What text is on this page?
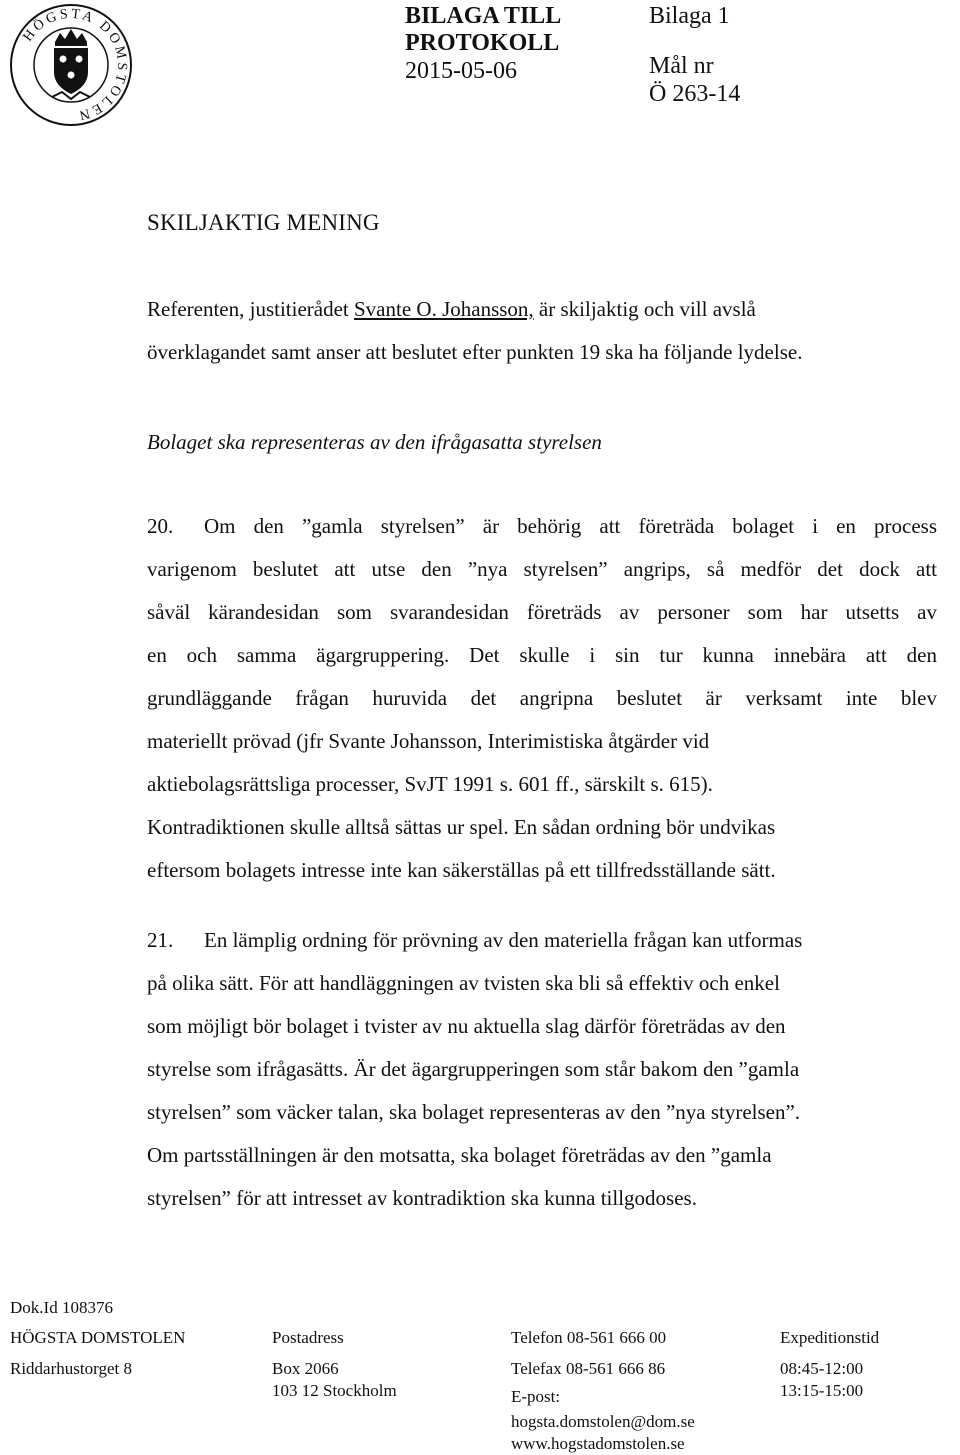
HÖGSTA DOMSTOLEN
BILAGA TILL
PROTOKOLL
2015-05-06
Bilaga 1
Mål nr
Ö 263-14
SKILJAKTIG MENING
Referenten, justitierådet Svante O. Johansson, är skiljaktig och vill avslå
överklagandet samt anser att beslutet efter punkten 19 ska ha följande lydelse.
Bolaget ska representeras av den ifrågasatta styrelsen
20. Om den ”gamla styrelsen” är behörig att företräda bolaget i en process
varigenom beslutet att utse den ”nya styrelsen” angrips, så medför det dock att
såväl kärandesidan som svarandesidan företräds av personer som har utsetts av
en och samma ägargruppering. Det skulle i sin tur kunna innebära att den
grundläggande frågan huruvida det angripna beslutet är verksamt inte blev
materiellt prövad (jfr Svante Johansson, Interimistiska åtgärder vid
aktiebolagsrättsliga processer, SvJT 1991 s. 601 ff., särskilt s. 615).
Kontradiktionen skulle alltså sättas ur spel. En sådan ordning bör undvikas
eftersom bolagets intresse inte kan säkerställas på ett tillfredsställande sätt.
21. En lämplig ordning för prövning av den materiella frågan kan utformas
på olika sätt. För att handläggningen av tvisten ska bli så effektiv och enkel
som möjligt bör bolaget i tvister av nu aktuella slag därför företrädas av den
styrelse som ifrågasätts. Är det ägargrupperingen som står bakom den ”gamla
styrelsen” som väcker talan, ska bolaget representeras av den ”nya styrelsen”.
Om partsställningen är den motsatta, ska bolaget företrädas av den ”gamla
styrelsen” för att intresset av kontradiktion ska kunna tillgodoses.
Dok.Id 108376
HÖGSTA DOMSTOLEN
Riddarhustorget 8
Postadress
Box 2066
103 12 Stockholm
Telefon 08-561 666 00
Telefax 08-561 666 86
E-post:
hogsta.domstolen@dom.se
www.hogstadomstolen.se
Expeditionstid
08:45-12:00
13:15-15:00
